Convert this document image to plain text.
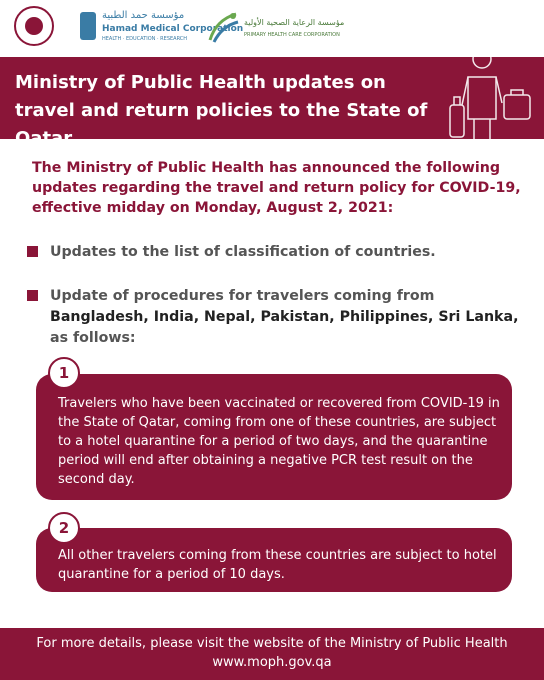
مؤسسة حمد الطبية
Hamad Medical Corporation
HEALTH · EDUCATION · RESEARCH
مؤسسة الرعاية الصحية الأولية
PRIMARY HEALTH CARE CORPORATION
Ministry of Public Health updates on travel and return policies to the State of Qatar
The Ministry of Public Health has announced the following updates regarding the travel and return policy for COVID-19, effective midday on Monday, August 2, 2021:
Updates to the list of classification of countries.
Update of procedures for travelers coming from
Bangladesh, India, Nepal, Pakistan, Philippines, Sri Lanka,
as follows:
Travelers who have been vaccinated or recovered from COVID-19 in the State of Qatar, coming from one of these countries, are subject to a hotel quarantine for a period of two days, and the quarantine period will end after obtaining a negative PCR test result on the second day.
1
All other travelers coming from these countries are subject to hotel quarantine for a period of 10 days.
2
For more details, please visit the website of the Ministry of Public Health
www.moph.gov.qa
